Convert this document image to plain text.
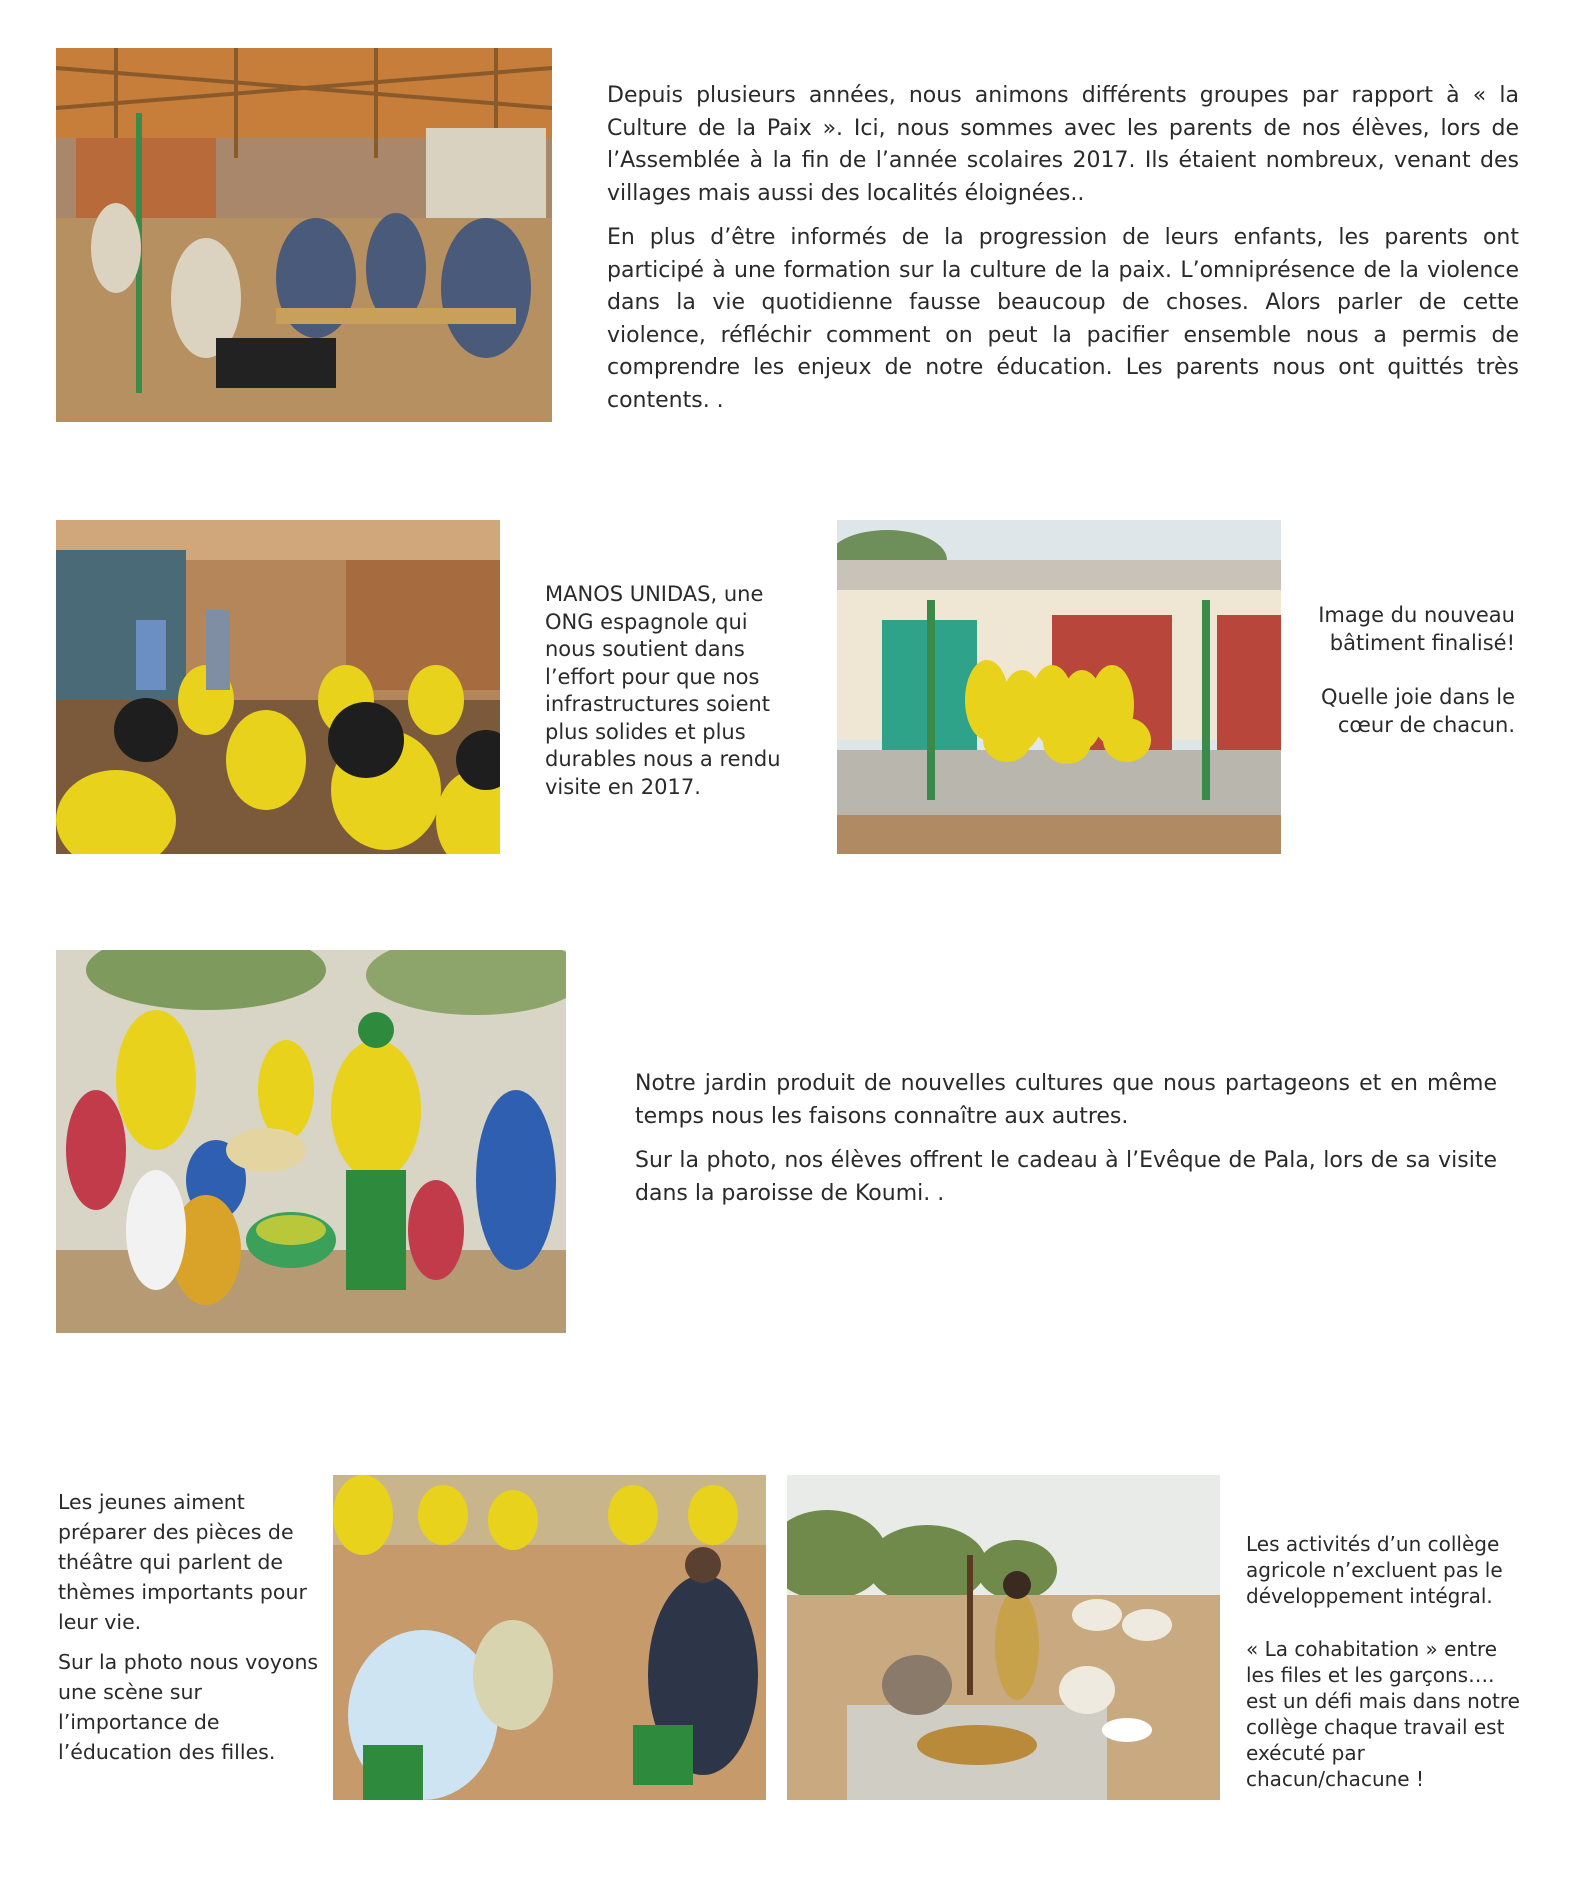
Depuis plusieurs années, nous animons différents groupes par rapport à « la Culture de la Paix ». Ici, nous sommes avec les parents de nos élèves, lors de l’Assemblée à la fin de l’année scolaires 2017. Ils étaient nombreux, venant des villages mais aussi des localités éloignées..

En plus d’être informés de la progression de leurs enfants, les parents ont participé à une formation sur la culture de la paix. L’omniprésence de la violence dans la vie quotidienne fausse beaucoup de choses. Alors parler de cette violence, réfléchir comment on peut la pacifier ensemble nous a permis de comprendre les enjeux de notre éducation. Les parents nous ont quittés très contents. .

MANOS UNIDAS, une ONG espagnole qui nous soutient dans l’effort pour que nos infrastructures soient plus solides et plus durables nous a rendu visite en 2017.

Image du nouveau bâtiment finalisé!

Quelle joie dans le cœur de chacun.

Notre jardin produit de nouvelles cultures que nous partageons et en même temps nous les faisons connaître aux autres.

Sur la photo, nos élèves offrent le cadeau à l’Evêque de Pala, lors de sa visite dans la paroisse de Koumi. .

Les jeunes aiment préparer des pièces de théâtre qui parlent de thèmes importants pour leur vie.

Sur la photo nous voyons une scène sur l’importance de l’éducation des filles.

Les activités d’un collège agricole n’excluent pas le développement intégral.

« La cohabitation » entre les files et les garçons…. est un défi mais dans notre collège chaque travail est exécuté par chacun/chacune !
